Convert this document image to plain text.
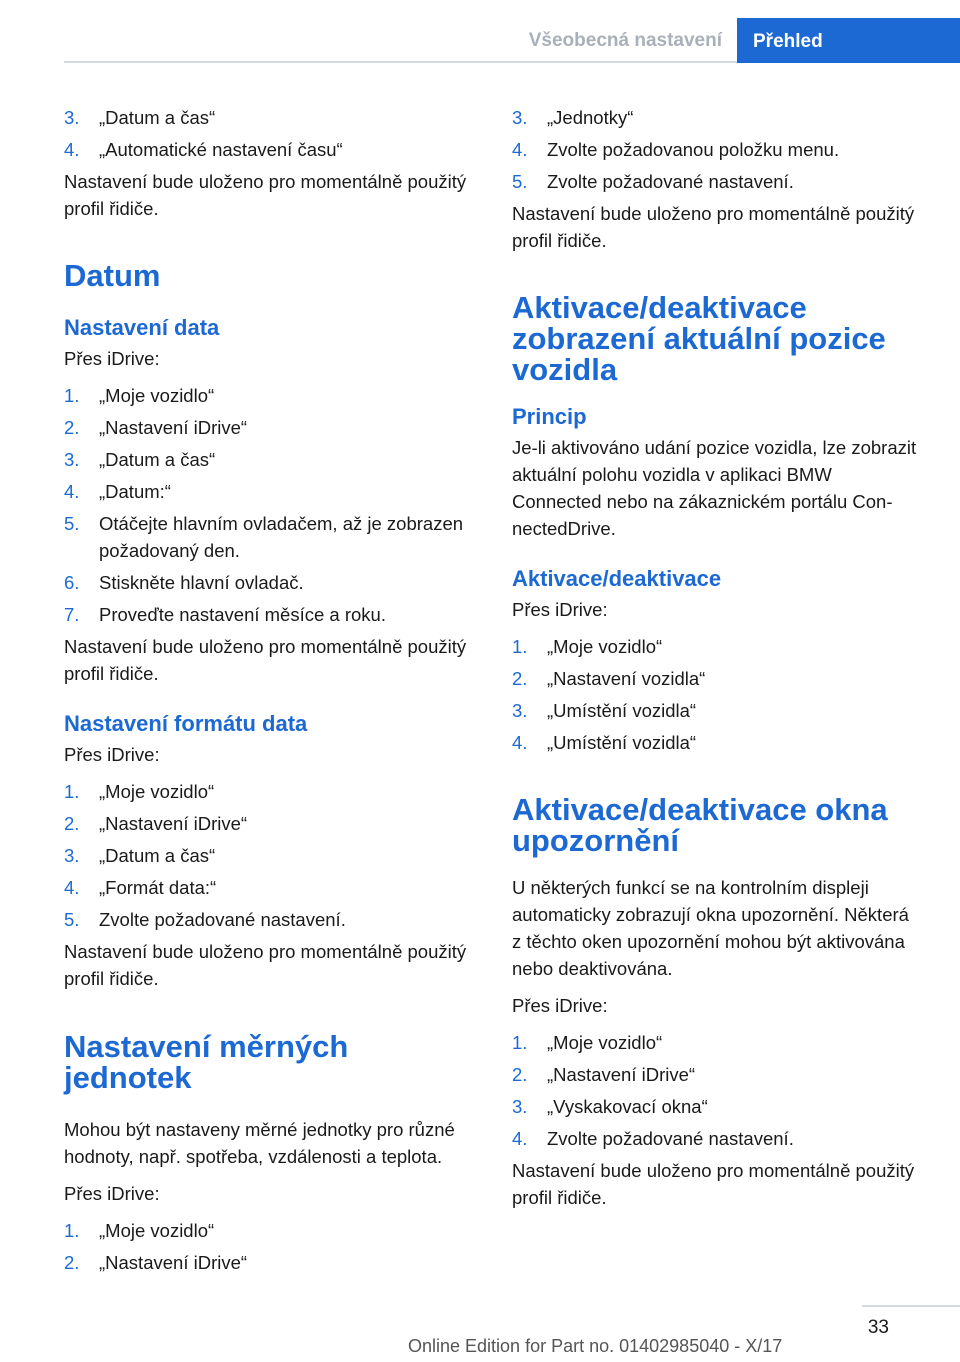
Všeobecná nastavení	Přehled
3. „Datum a čas“
4. „Automatické nastavení času“

Nastavení bude uloženo pro momentálně použitý profil řidiče.

Datum
Nastavení data

Přes iDrive:

1. „Moje vozidlo“
2. „Nastavení iDrive“
3. „Datum a čas“
4. „Datum:“
5. Otáčejte hlavním ovladačem, až je zobrazen požadovaný den.
6. Stiskněte hlavní ovladač.
7. Proveďte nastavení měsíce a roku.

Nastavení bude uloženo pro momentálně použitý profil řidiče.

Nastavení formátu data

Přes iDrive:

1. „Moje vozidlo“
2. „Nastavení iDrive“
3. „Datum a čas“
4. „Formát data:“
5. Zvolte požadované nastavení.

Nastavení bude uloženo pro momentálně použitý profil řidiče.

Nastavení měrných jednotek

Mohou být nastaveny měrné jednotky pro různé hodnoty, např. spotřeba, vzdálenosti a teplota.

Přes iDrive:

1. „Moje vozidlo“
2. „Nastavení iDrive“
3. „Jednotky“
4. Zvolte požadovanou položku menu.
5. Zvolte požadované nastavení.

Nastavení bude uloženo pro momentálně použitý profil řidiče.

Aktivace/deaktivace zobrazení aktuální pozice vozidla
Princip

Je-li aktivováno udání pozice vozidla, lze zobrazit aktuální polohu vozidla v aplikaci BMW Connected nebo na zákaznickém portálu ConnectedDrive.

Aktivace/deaktivace

Přes iDrive:

1. „Moje vozidlo“
2. „Nastavení vozidla“
3. „Umístění vozidla“
4. „Umístění vozidla“
Aktivace/deaktivace okna upozornění

U některých funkcí se na kontrolním displeji automaticky zobrazují okna upozornění. Některá z těchto oken upozornění mohou být aktivována nebo deaktivována.

Přes iDrive:

1. „Moje vozidlo“
2. „Nastavení iDrive“
3. „Vyskakovací okna“
4. Zvolte požadované nastavení.

Nastavení bude uloženo pro momentálně použitý profil řidiče.

33
Online Edition for Part no. 01402985040 - X/17
